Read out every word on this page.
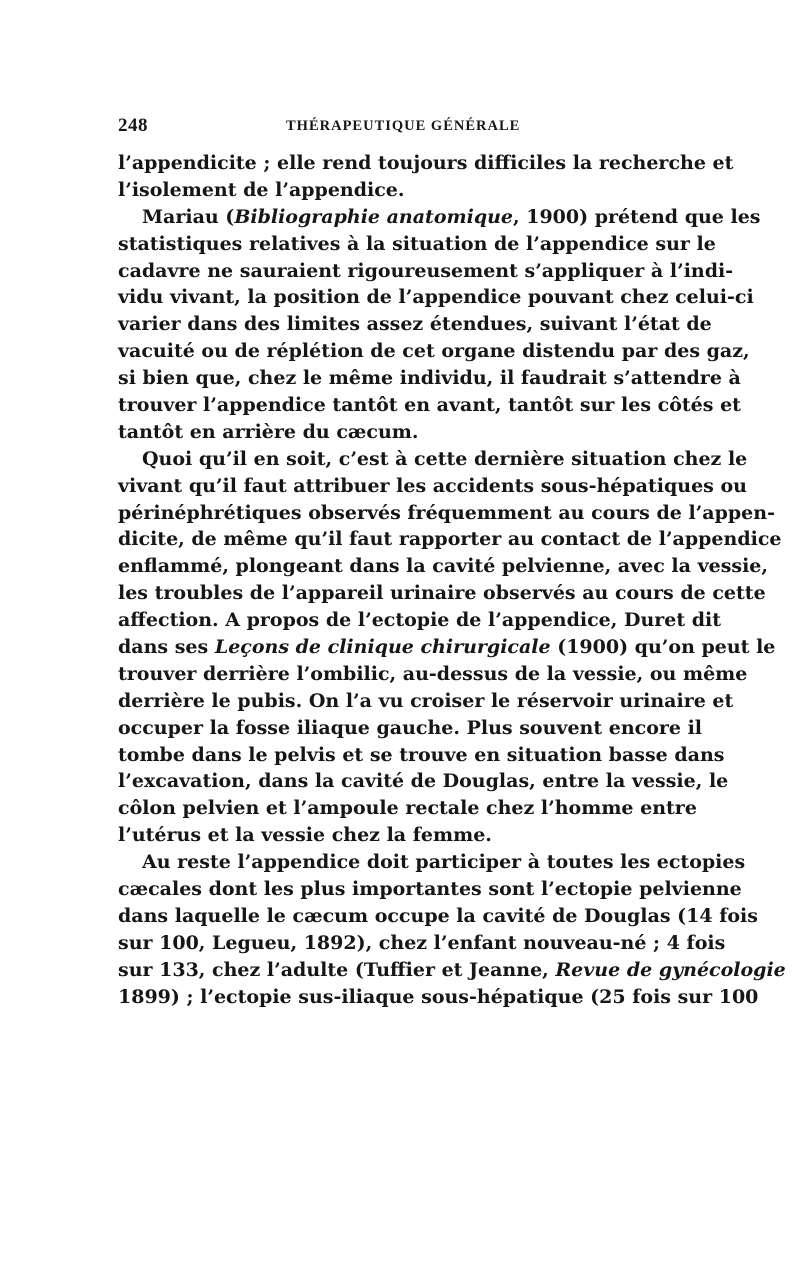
248	THÉRAPEUTIQUE GÉNÉRALE
l’appendicite ; elle rend toujours difficiles la recherche et
l’isolement de l’appendice.
Mariau (Bibliographie anatomique, 1900) prétend que les
statistiques relatives à la situation de l’appendice sur le
cadavre ne sauraient rigoureusement s’appliquer à l’indi-
vidu vivant, la position de l’appendice pouvant chez celui-ci
varier dans des limites assez étendues, suivant l’état de
vacuité ou de réplétion de cet organe distendu par des gaz,
si bien que, chez le même individu, il faudrait s’attendre à
trouver l’appendice tantôt en avant, tantôt sur les côtés et
tantôt en arrière du cæcum.
Quoi qu’il en soit, c’est à cette dernière situation chez le
vivant qu’il faut attribuer les accidents sous-hépatiques ou
périnéphrétiques observés fréquemment au cours de l’appen-
dicite, de même qu’il faut rapporter au contact de l’appendice
enflammé, plongeant dans la cavité pelvienne, avec la vessie,
les troubles de l’appareil urinaire observés au cours de cette
affection. A propos de l’ectopie de l’appendice, Duret dit
dans ses Leçons de clinique chirurgicale (1900) qu’on peut le
trouver derrière l’ombilic, au-dessus de la vessie, ou même
derrière le pubis. On l’a vu croiser le réservoir urinaire et
occuper la fosse iliaque gauche. Plus souvent encore il
tombe dans le pelvis et se trouve en situation basse dans
l’excavation, dans la cavité de Douglas, entre la vessie, le
côlon pelvien et l’ampoule rectale chez l’homme entre
l’utérus et la vessie chez la femme.
Au reste l’appendice doit participer à toutes les ectopies
cæcales dont les plus importantes sont l’ectopie pelvienne
dans laquelle le cæcum occupe la cavité de Douglas (14 fois
sur 100, Legueu, 1892), chez l’enfant nouveau-né ; 4 fois
sur 133, chez l’adulte (Tuffier et Jeanne, Revue de gynécologie
1899) ; l’ectopie sus-iliaque sous-hépatique (25 fois sur 100
